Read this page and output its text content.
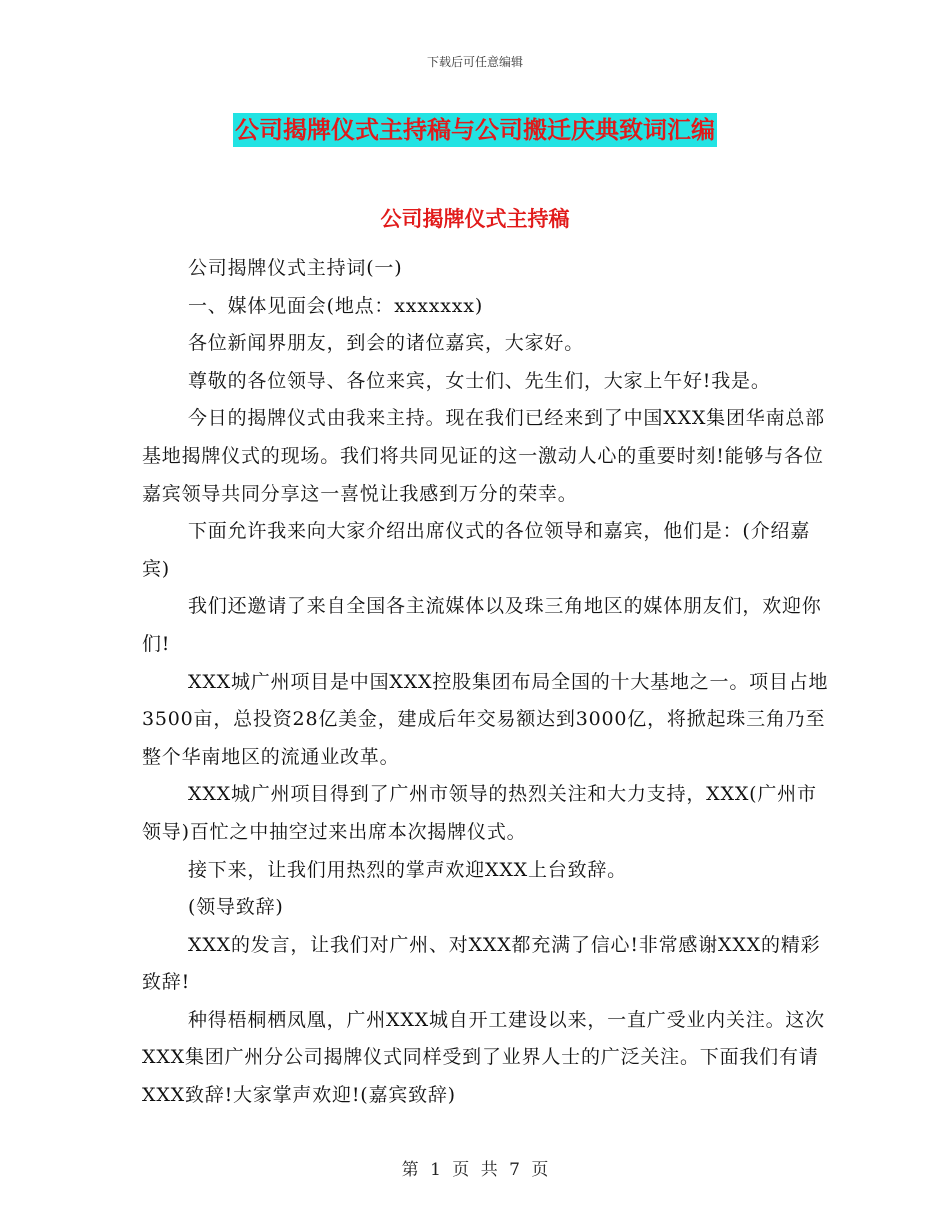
下载后可任意编辑
公司揭牌仪式主持稿与公司搬迁庆典致词汇编
公司揭牌仪式主持稿

公司揭牌仪式主持词(一)

一、媒体见面会(地点：xxxxxxx)

各位新闻界朋友，到会的诸位嘉宾，大家好。

尊敬的各位领导、各位来宾，女士们、先生们，大家上午好!我是。

今日的揭牌仪式由我来主持。现在我们已经来到了中国XXX集团华南总部基地揭牌仪式的现场。我们将共同见证的这一激动人心的重要时刻!能够与各位嘉宾领导共同分享这一喜悦让我感到万分的荣幸。

下面允许我来向大家介绍出席仪式的各位领导和嘉宾，他们是：(介绍嘉宾)

我们还邀请了来自全国各主流媒体以及珠三角地区的媒体朋友们，欢迎你们!

XXX城广州项目是中国XXX控股集团布局全国的十大基地之一。项目占地3500亩，总投资28亿美金，建成后年交易额达到3000亿，将掀起珠三角乃至整个华南地区的流通业改革。

XXX城广州项目得到了广州市领导的热烈关注和大力支持，XXX(广州市领导)百忙之中抽空过来出席本次揭牌仪式。

接下来，让我们用热烈的掌声欢迎XXX上台致辞。

(领导致辞)

XXX的发言，让我们对广州、对XXX都充满了信心!非常感谢XXX的精彩致辞!

种得梧桐栖凤凰，广州XXX城自开工建设以来，一直广受业内关注。这次XXX集团广州分公司揭牌仪式同样受到了业界人士的广泛关注。下面我们有请XXX致辞!大家掌声欢迎!(嘉宾致辞)

第 1 页 共 7 页
